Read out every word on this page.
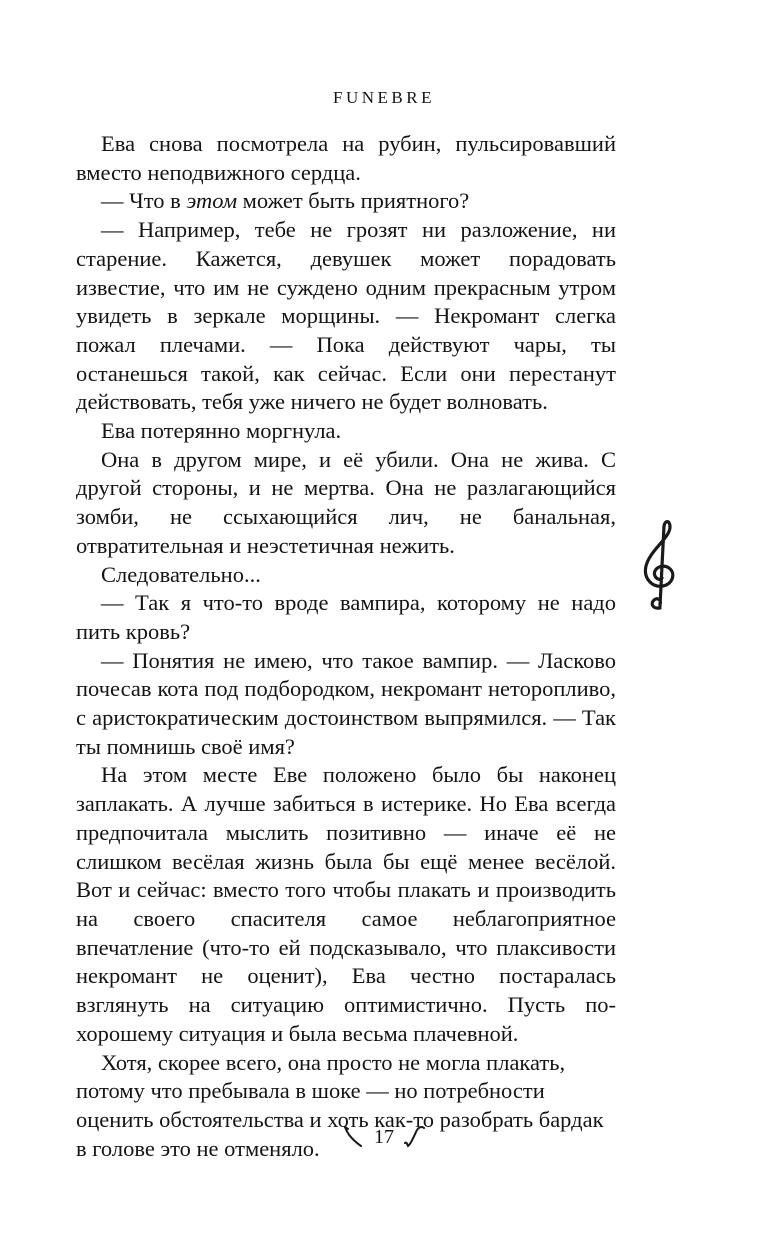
FUNEBRE

Ева снова посмотрела на рубин, пульсировавший вместо неподвижного сердца.

— Что в этом может быть приятного?

— Например, тебе не грозят ни разложение, ни старение. Кажется, девушек может порадовать известие, что им не суждено одним прекрасным утром увидеть в зеркале морщины. — Некромант слегка пожал плечами. — Пока действуют чары, ты останешься такой, как сейчас. Если они перестанут действовать, тебя уже ничего не будет волновать.

Ева потерянно моргнула.

Она в другом мире, и её убили. Она не жива. С другой стороны, и не мертва. Она не разлагающийся зомби, не ссыхающийся лич, не банальная, отвратительная и неэстетичная нежить.

Следовательно...

— Так я что-то вроде вампира, которому не надо пить кровь?

— Понятия не имею, что такое вампир. — Ласково почесав кота под подбородком, некромант неторопливо, с аристократическим достоинством выпрямился. — Так ты помнишь своё имя?

На этом месте Еве положено было бы наконец заплакать. А лучше забиться в истерике. Но Ева всегда предпочитала мыслить позитивно — иначе её не слишком весёлая жизнь была бы ещё менее весёлой. Вот и сейчас: вместо того чтобы плакать и производить на своего спасителя самое неблагоприятное впечатление (что-то ей подсказывало, что плаксивости некромант не оценит), Ева честно постаралась взглянуть на ситуацию оптимистично. Пусть по-хорошему ситуация и была весьма плачевной.

Хотя, скорее всего, она просто не могла плакать, потому что пребывала в шоке — но потребности оценить обстоятельства и хоть как-то разобрать бардак в голове это не отменяло.	17
